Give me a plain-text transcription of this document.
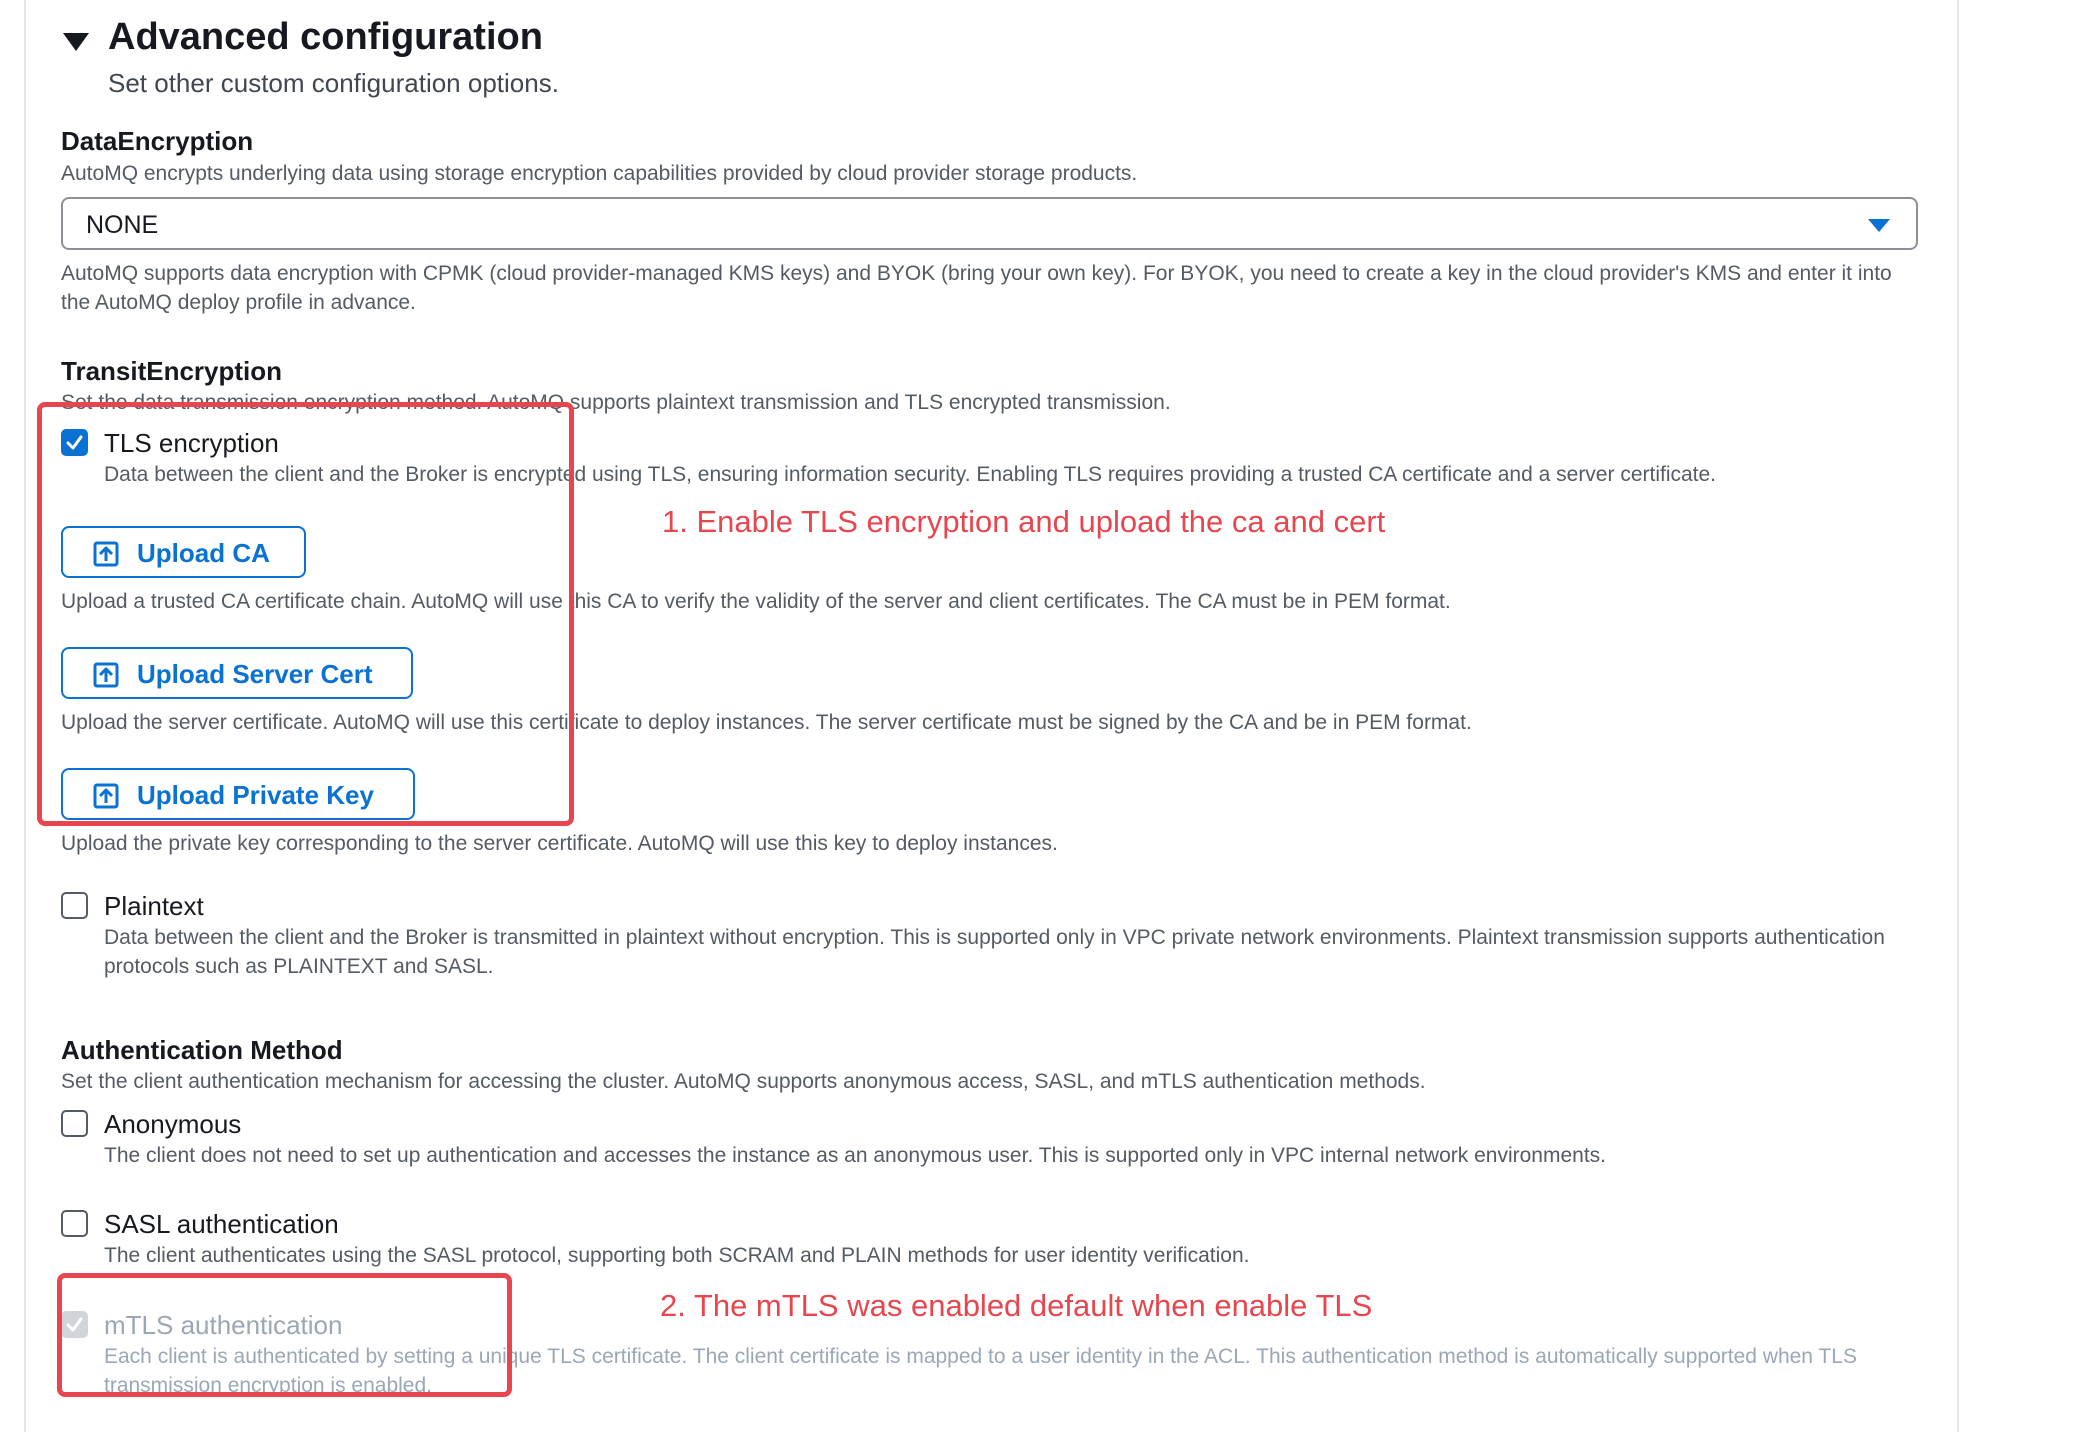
Advanced configuration
Set other custom configuration options.
DataEncryption
AutoMQ encrypts underlying data using storage encryption capabilities provided by cloud provider storage products.
NONE
AutoMQ supports data encryption with CPMK (cloud provider-managed KMS keys) and BYOK (bring your own key). For BYOK, you need to create a key in the cloud provider's KMS and enter it into the AutoMQ deploy profile in advance.
TransitEncryption
Set the data transmission encryption method. AutoMQ supports plaintext transmission and TLS encrypted transmission.
TLS encryption
Data between the client and the Broker is encrypted using TLS, ensuring information security. Enabling TLS requires providing a trusted CA certificate and a server certificate.
Upload CA
Upload a trusted CA certificate chain. AutoMQ will use this CA to verify the validity of the server and client certificates. The CA must be in PEM format.
Upload Server Cert
Upload the server certificate. AutoMQ will use this certificate to deploy instances. The server certificate must be signed by the CA and be in PEM format.
Upload Private Key
Upload the private key corresponding to the server certificate. AutoMQ will use this key to deploy instances.
Plaintext
Data between the client and the Broker is transmitted in plaintext without encryption. This is supported only in VPC private network environments. Plaintext transmission supports authentication protocols such as PLAINTEXT and SASL.
Authentication Method
Set the client authentication mechanism for accessing the cluster. AutoMQ supports anonymous access, SASL, and mTLS authentication methods.
Anonymous
The client does not need to set up authentication and accesses the instance as an anonymous user. This is supported only in VPC internal network environments.
SASL authentication
The client authenticates using the SASL protocol, supporting both SCRAM and PLAIN methods for user identity verification.
mTLS authentication
Each client is authenticated by setting a unique TLS certificate. The client certificate is mapped to a user identity in the ACL. This authentication method is automatically supported when TLS transmission encryption is enabled.
1. Enable TLS encryption and upload the ca and cert
2. The mTLS was enabled default when enable TLS
